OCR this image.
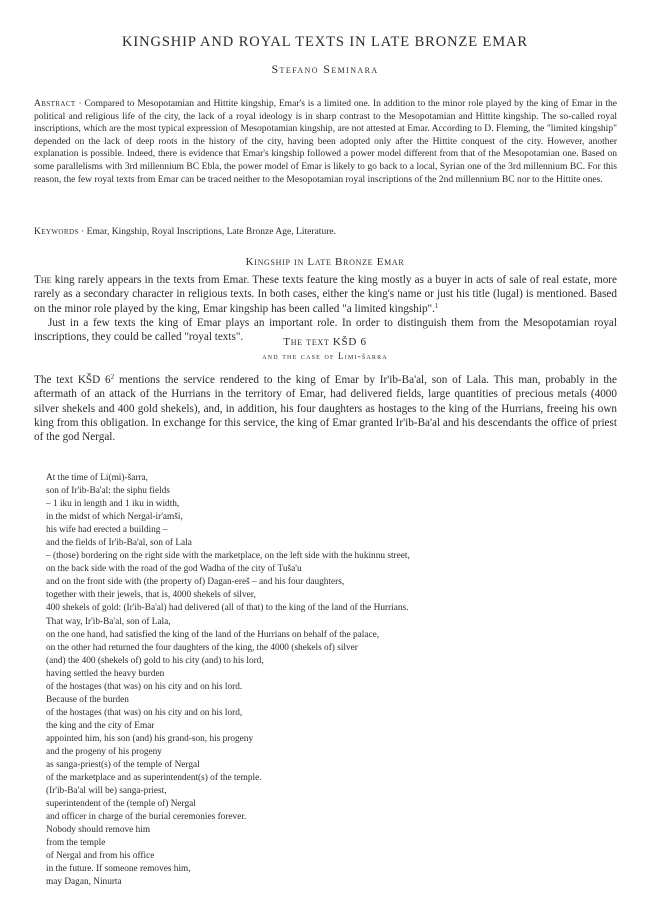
KINGSHIP AND ROYAL TEXTS IN LATE BRONZE EMAR
Stefano Seminara
Abstract · Compared to Mesopotamian and Hittite kingship, Emar's is a limited one. In addition to the minor role played by the king of Emar in the political and religious life of the city, the lack of a royal ideology is in sharp contrast to the Mesopotamian and Hittite kingship. The so-called royal inscriptions, which are the most typical expression of Mesopotamian kingship, are not attested at Emar. According to D. Fleming, the "limited kingship" depended on the lack of deep roots in the history of the city, having been adopted only after the Hittite conquest of the city. However, another explanation is possible. Indeed, there is evidence that Emar's kingship followed a power model different from that of the Mesopotamian one. Based on some parallelisms with 3rd millennium BC Ebla, the power model of Emar is likely to go back to a local, Syrian one of the 3rd millennium BC. For this reason, the few royal texts from Emar can be traced neither to the Mesopotamian royal inscriptions of the 2nd millennium BC nor to the Hittite ones.
Keywords · Emar, Kingship, Royal Inscriptions, Late Bronze Age, Literature.
Kingship in Late Bronze Emar

The king rarely appears in the texts from Emar. These texts feature the king mostly as a buyer in acts of sale of real estate, more rarely as a secondary character in religious texts. In both cases, either the king's name or just his title (lugal) is mentioned. Based on the minor role played by the king, Emar kingship has been called "a limited kingship".$^1$

Just in a few texts the king of Emar plays an important role. In order to distinguish them from the Mesopotamian royal inscriptions, they could be called "royal texts".	The text KŠD 6
and the case of Limi-šarra

The text KŠD $6^2$ mentions the service rendered to the king of Emar by Ir'ib-Ba'al, son of Lala. This man, probably in the aftermath of an attack of the Hurrians in the territory of Emar, had delivered fields, large quantities of precious metals (4000 silver shekels and 400 gold shekels), and, in addition, his four daughters as hostages to the king of the Hurrians, freeing his own king from this obligation. In exchange for this service, the king of Emar granted Ir'ib-Ba'al and his descendants the office of priest of the god Nergal.

At the time of Li(mi)-šarra,
son of Ir'ib-Ba'al: the siphu fields
– 1 iku in length and 1 iku in width,
in the midst of which Nergal-ir'amši,
his wife had erected a building –
and the fields of Ir'ib-Ba'al, son of Lala
– (those) bordering on the right side with the marketplace, on the left side with the hukinnu street,
on the back side with the road of the god Wadha of the city of Tuša'u
and on the front side with (the property of) Dagan-ereš – and his four daughters,
together with their jewels, that is, 4000 shekels of silver,
400 shekels of gold: (Ir'ib-Ba'al) had delivered (all of that) to the king of the land of the Hurrians.
That way, Ir'ib-Ba'al, son of Lala,
on the one hand, had satisfied the king of the land of the Hurrians on behalf of the palace,
on the other had returned the four daughters of the king, the 4000 (shekels of) silver
(and) the 400 (shekels of) gold to his city (and) to his lord,
having settled the heavy burden
of the hostages (that was) on his city and on his lord.
Because of the burden
of the hostages (that was) on his city and on his lord,
the king and the city of Emar
appointed him, his son (and) his grand-son, his progeny
and the progeny of his progeny
as sanga-priest(s) of the temple of Nergal
of the marketplace and as superintendent(s) of the temple.
(Ir'ib-Ba'al will be) sanga-priest,
superintendent of the (temple of) Nergal
and officer in charge of the burial ceremonies forever.
Nobody should remove him
from the temple
of Nergal and from his office
in the future. If someone removes him,
may Dagan, Ninurta
